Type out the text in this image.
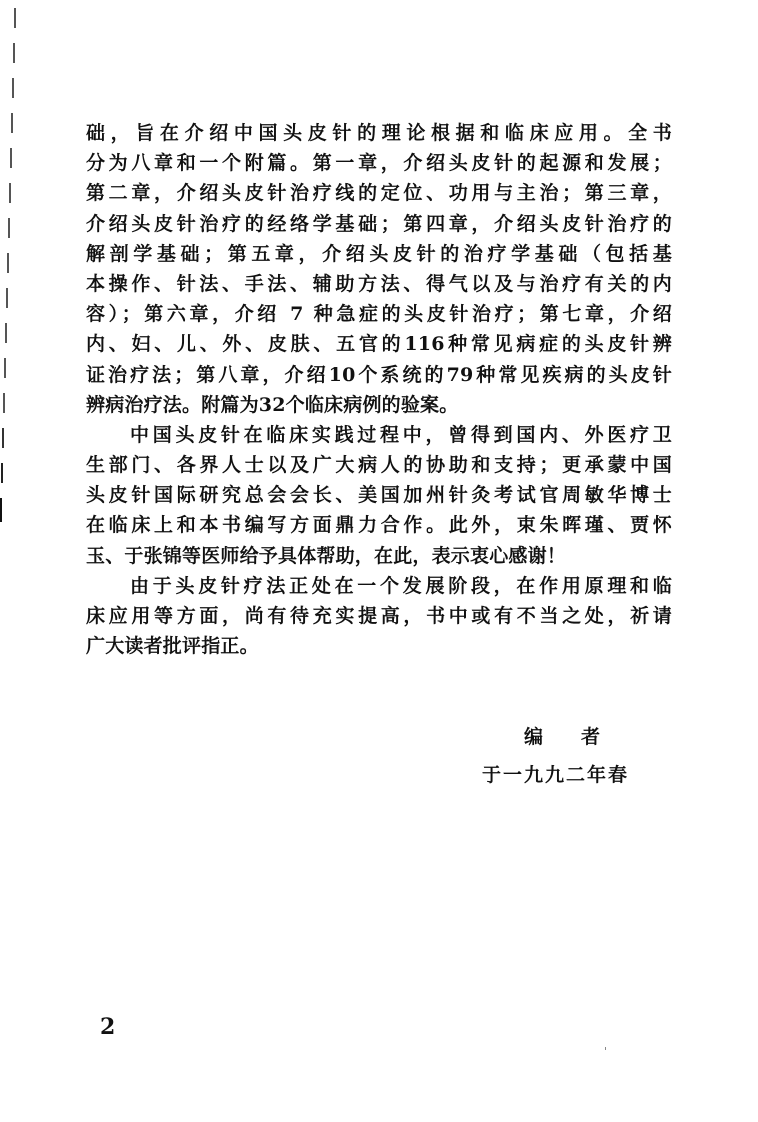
础，旨在介绍中国头皮针的理论根据和临床应用。全书
分为八章和一个附篇。第一章，介绍头皮针的起源和发展；
第二章，介绍头皮针治疗线的定位、功用与主治；第三章，
介绍头皮针治疗的经络学基础；第四章，介绍头皮针治疗的
解剖学基础；第五章，介绍头皮针的治疗学基础（包括基
本操作、针法、手法、辅助方法、得气以及与治疗有关的内
容）；第六章，介绍 7 种急症的头皮针治疗；第七章，介绍
内、妇、儿、外、皮肤、五官的116种常见病症的头皮针辨
证治疗法；第八章，介绍10个系统的79种常见疾病的头皮针
辨病治疗法。附篇为32个临床病例的验案。
中国头皮针在临床实践过程中，曾得到国内、外医疗卫
生部门、各界人士以及广大病人的协助和支持；更承蒙中国
头皮针国际研究总会会长、美国加州针灸考试官周敏华博士
在临床上和本书编写方面鼎力合作。此外，束朱晖瑾、贾怀
玉、于张锦等医师给予具体帮助，在此，表示衷心感谢！
由于头皮针疗法正处在一个发展阶段，在作用原理和临
床应用等方面，尚有待充实提高，书中或有不当之处，祈请
广大读者批评指正。
编者
于一九九二年春
2
